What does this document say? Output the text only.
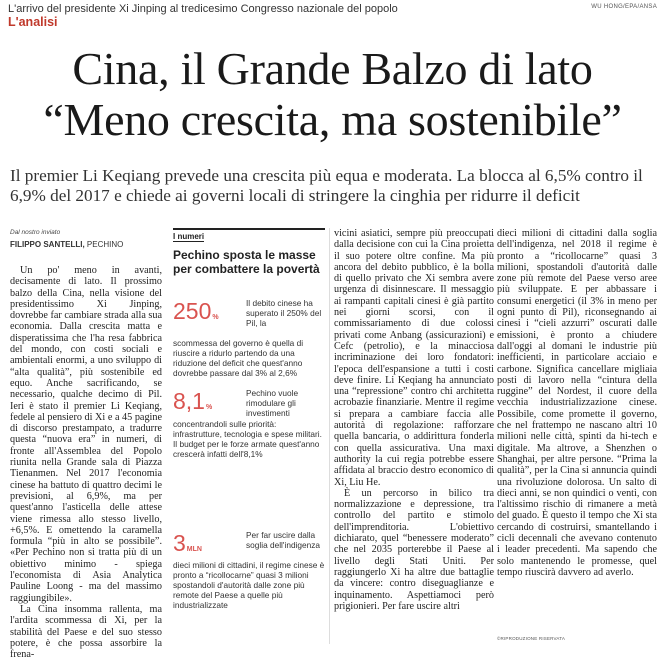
L'arrivo del presidente Xi Jinping al tredicesimo Congresso nazionale del popolo	WU HONG/EPA/ANSA
L'analisi
Cina, il Grande Balzo di lato
“Meno crescita, ma sostenibile”

Il premier Li Keqiang prevede una crescita più equa e moderata. La blocca al 6,5% contro il 6,9% del 2017 e chiede ai governi locali di stringere la cinghia per ridurre il deficit

Dal nostro inviato
FILIPPO SANTELLI, PECHINO

Un po' meno in avanti, decisamente di lato. Il prossimo balzo della Cina, nella visione del presidentissimo Xi Jinping, dovrebbe far cambiare strada alla sua economia. Dalla crescita matta e disperatissima che l'ha resa fabbrica del mondo, con costi sociali e ambientali enormi, a uno sviluppo di “alta qualità”, più sostenibile ed equo. Anche sacrificando, se necessario, qualche decimo di Pil. Ieri è stato il premier Li Keqiang, fedele al pensiero di Xi e a 45 pagine di discorso prestampato, a tradurre questa “nuova era” in numeri, di fronte all'Assemblea del Popolo riunita nella Grande sala di Piazza Tienanmen. Nel 2017 l'economia cinese ha battuto di quattro decimi le previsioni, al 6,9%, ma per quest'anno l'asticella delle attese viene rimessa allo stesso livello, +6,5%. E omettendo la caramella formula “più in alto se possibile”. «Per Pechino non si tratta più di un obiettivo minimo - spiega l'economista di Asia Analytica Pauline Loong - ma del massimo raggiungibile».

La Cina insomma rallenta, ma l'ardita scommessa di Xi, per la stabilità del Paese e del suo stesso potere, è che possa assorbire la frena-

I numeri
Pechino sposta le masse per combattere la povertà
250%
Il debito cinese ha superato il 250% del Pil, la
scommessa del governo è quella di riuscire a ridurlo partendo da una riduzione del deficit che quest'anno dovrebbe passare dal 3% al 2,6%
8,1%
Pechino vuole rimodulare gli investimenti
concentrandoli sulle priorità: infrastrutture, tecnologia e spese militari. Il budget per le forze armate quest'anno crescerà infatti dell'8,1%
3MLN
Per far uscire dalla soglia dell'indigenza
dieci milioni di cittadini, il regime cinese è pronto a “ricollocarne” quasi 3 milioni spostandoli d'autorità dalle zone più remote del Paese a quelle più industrializzate

vicini asiatici, sempre più preoccupati dalla decisione con cui la Cina proietta il suo potere oltre confine. Ma più ancora del debito pubblico, è la bolla di quello privato che Xi sembra avere urgenza di disinnescare. Il messaggio ai rampanti capitali cinesi è già partito nei giorni scorsi, con il commissariamento di due colossi privati come Anbang (assicurazioni) e Cefc (petrolio), e la minacciosa incriminazione dei loro fondatori: l'epoca dell'espansione a tutti i costi deve finire. Li Keqiang ha annunciato una “repressione” contro chi architetta acrobazie finanziarie. Mentre il regime si prepara a cambiare faccia alle autorità di regolazione: rafforzare quella bancaria, o addirittura fonderla con quella assicurativa. Una maxi authority la cui regia potrebbe essere affidata al braccio destro economico di Xi, Liu He.

È un percorso in bilico tra normalizzazione e depressione, tra controllo del partito e stimolo dell'imprenditoria. L'obiettivo dichiarato, quel “benessere moderato” che nel 2035 porterebbe il Paese al livello degli Stati Uniti. Per raggiungerlo Xi ha altre due battaglie da vincere: contro diseguaglianze e inquinamento. Aspettiamoci però prigionieri. Per fare uscire altri

dieci milioni di cittadini dalla soglia dell'indigenza, nel 2018 il regime è pronto a “ricollocarne” quasi 3 milioni, spostandoli d'autorità dalle zone più remote del Paese verso aree più sviluppate. E per abbassare i consumi energetici (il 3% in meno per ogni punto di Pil), riconsegnando ai cinesi i “cieli azzurri” oscurati dalle emissioni, è pronto a chiudere dall'oggi al domani le industrie più inefficienti, in particolare acciaio e carbone. Significa cancellare migliaia posti di lavoro nella “cintura della ruggine” del Nordest, il cuore della vecchia industrializzazione cinese. Possibile, come promette il governo, che nel frattempo ne nascano altri 10 milioni nelle città, spinti da hi-tech e digitale. Ma altrove, a Shenzhen o Shanghai, per altre persone. “Prima la qualità”, per la Cina si annuncia quindi una rivoluzione dolorosa. Un salto di dieci anni, se non quindici o venti, con l'altissimo rischio di rimanere a metà del guado. È questo il tempo che Xi sta cercando di costruirsi, smantellando i cicli decennali che avevano contenuto i leader precedenti. Ma sapendo che solo mantenendo le promesse, quel tempo riuscirà davvero ad averlo.

©RIPRODUZIONE RISERVATA
